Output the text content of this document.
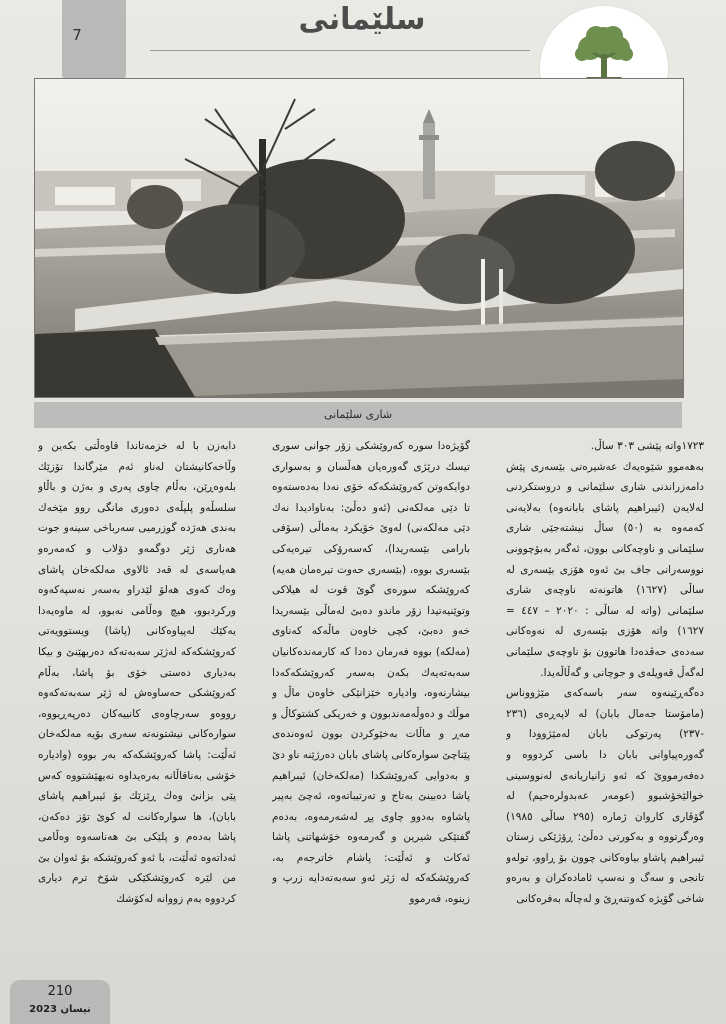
7	سلێمانی
شاری سلێمانی

١٧٢٣واتە پێشی ٣٠٣ ساڵ.

بەهەموو شێوەیەك عەشیرەتی بێسەری پێش دامەزراندنی شاری سلێمانی و دروستکردنی لەلایەن (ئیبراهیم پاشای بابانەوە) بەلایەنی کەمەوە بە (٥٠) ساڵ نیشتەجێی شاری سلێمانی و ناوچەکانی بوون، ئەگەر بەبۆچوونی نووسەرانی جاف بێ ئەوە هۆزی بێسەری لە ساڵی (١٦٢٧) هاتونەتە ناوچەی شاری سلێمانی (واتە لە ساڵی : ٢٠٢٠ – ٤٤٧ = ١٦٢٧) واتە هۆزی بێسەری لە نەوەکانی سەدەی حەڤدەدا هاتوون بۆ ناوچەی سلێمانی لەگەڵ قەویلەی و جوچانی و گەڵاڵەیدا.

دەگەڕێینەوە سەر باسەکەی مێژووناس (مامۆستا جەمال بابان) لە لاپەڕەی (٢٣٦ -٢٣٧) پەرتوکی بابان لەمێژوودا و گەورەپیاوانی بابان دا باسی کردووە و دەفەرمووێ کە ئەو زانیاریانەی لەنووسینی خوالێخۆشبوو (عومەر عەبدولرەحیم) لە گۆڤاری کاروان ژمارە (٢٩٥ ساڵی ١٩٨٥) وەرگرتووە و بەکورتی دەڵێ: ڕۆژێکی زستان ئیبراهیم پاشاو بیاوەکانی چوون بۆ ڕاوو، تولەو تانجی و سەگ و نەسپ ئامادەکران و بەرەو شاخی گۆیژە کەوتنەڕێ و لەچاڵە بەفرەکانی

گۆیژەدا سورە کەروێشکی زۆر جوانی سوری تیسك درێژی گەورەیان هەڵسان و بەسواری دوایکەوتن کەروێشکەکە خۆی نەدا بەدەستەوە تا دێی مەلکەنی (ئەو دەڵێ: بەناوادیدا نەك دێی مەلکەنی) لەوێ خۆیکرد بەماڵی (سۆفی بارامی بێسەریدا)، کەسەرۆکی تیرەیەکی بێسەری بووە، (بێسەری حەوت تیرەمان هەیە) کەروێشکە سورەی گوێ قوت لە هیلاکی وتوێنیەتیدا زۆر ماندو دەبێ لەماڵی بێسەریدا خەو دەبێ، کچی خاوەن ماڵەکە کەناوی (مەلکە) بووە فەرمان دەدا کە کارمەندەکانیان سەبەتەیەك بکەن بەسەر کەروێشکەکەدا بیشارنەوە، وادیارە خێزانێکی خاوەن ماڵ و موڵك و دەوڵەمەندبوون و خەریکی کشتوکاڵ و مەڕ و ماڵات بەخێوکردن بوون ئەوەندەی پێناچێ سوارەکانی پاشای بابان دەرژێنە ناو دێ و بەدوایی کەروێشکدا (مەلکەخان) ئیبراهیم پاشا دەبینێ بەتاج و تەرتیباتەوە، ئەچێ بەپیر پاشاوە بەدوو چاوی پڕ لەشەرمەوە، بەدەم گفتێکی شیرین و گەرمەوە خۆشهاتنی پاشا ئەکات و ئەڵێت: پاشام خاترجەم بە، کەروێشکەکە لە ژێر ئەو سەبەتەدایە زرپ و زینوە، فەرموو

دابەزن با لە خزمەتاندا قاوەڵتی بکەین و وڵاخەکانیشتان لەناو ئەم مێرگاندا تۆزێك بلەوەڕێن، بەڵام چاوی پەری و بەژن و باڵاو سلسڵەو پلپڵەی دەوری مانگی روو مێخەك بەندی هەژدە گوزرمیی سەرباخی سینەو جوت هەناری ژێر دوگمەو دۆلاب و کەمەرەو هەیاسەی لە قەد ئالاوی مەلکەخان پاشای وەك کەوی هەلۆ لێدراو بەسەر نەسپەکەوە ورکردبوو، هیچ وەڵامی نەبوو، لە ماوەیەدا یەکێك لەپیاوەکانی (پاشا) ویستوویەتی کەروێشکەکە لەژێر سەبەتەکە دەربهێنێ و بیکا بەدیاری دەستی خۆی بۆ پاشا، بەڵام کەروێشکی حەساوەش لە ژێر سەبەتەکەوە رووەو سەرچاوەی کانییەکان دەرپەڕیووە، سوارەکانی نیشتونەتە سەری بۆیە مەلکەخان ئەڵێت: پاشا کەروێشکەکە بەر بووە (وادیارە خۆشی بەناقاڵانە بەرەیداوە نەیهێشتووە کەس پێی بزانێ وەك ڕێزێك بۆ ئیبراهیم پاشای بابان)، ها سوارەکانت لە کوێ تۆز دەکەن، پاشا بەدەم و پلێکی بێ هەناسەوە وەڵامی ئەداتەوە ئەڵێت، با ئەو کەروێشکە بۆ ئەوان بێ من لێرە کەروێشکێکی شۆخ ترم دیاری کردووە بەم زووانە لەکۆشك

210
نیسان 2023
